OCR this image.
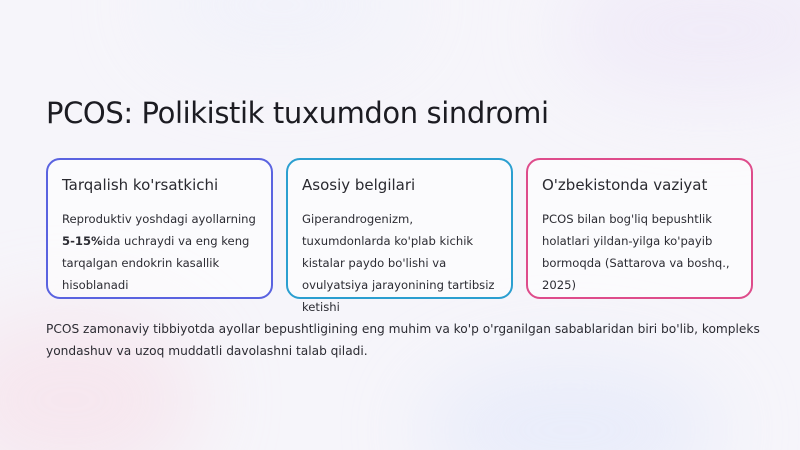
PCOS: Polikistik tuxumdon sindromi
Tarqalish ko'rsatkichi

Reproduktiv yoshdagi ayollarning 5-15%ida uchraydi va eng keng tarqalgan endokrin kasallik hisoblanadi

Asosiy belgilari

Giperandrogenizm, tuxumdonlarda ko'plab kichik kistalar paydo bo'lishi va ovulyatsiya jarayonining tartibsiz ketishi

O'zbekistonda vaziyat

PCOS bilan bog'liq bepushtlik holatlari yildan-yilga ko'payib bormoqda (Sattarova va boshq., 2025)

PCOS zamonaviy tibbiyotda ayollar bepushtligining eng muhim va ko'p o'rganilgan sabablaridan biri bo'lib, kompleks yondashuv va uzoq muddatli davolashni talab qiladi.
